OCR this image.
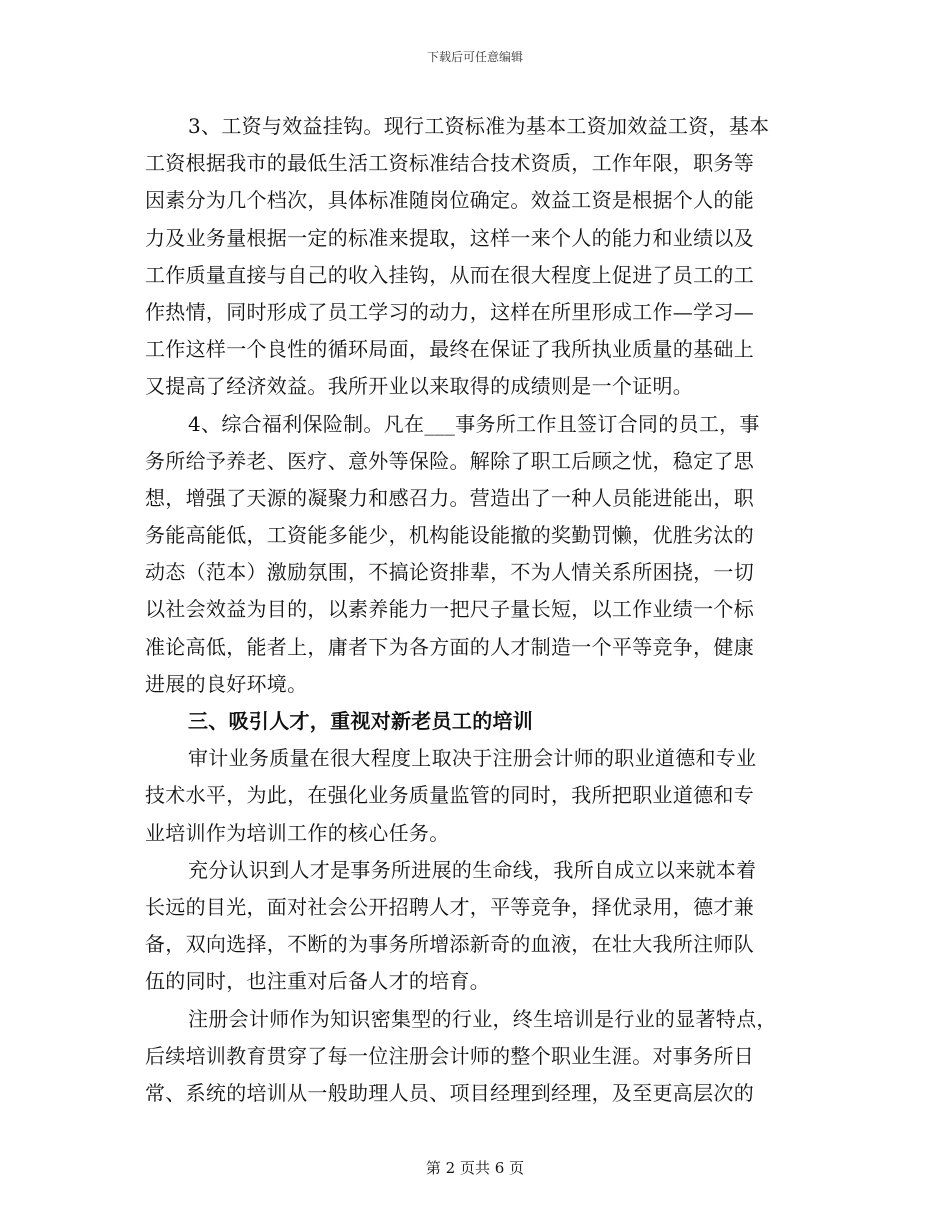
下载后可任意编辑
3、工资与效益挂钩。现行工资标准为基本工资加效益工资，基本
工资根据我市的最低生活工资标准结合技术资质，工作年限，职务等
因素分为几个档次，具体标准随岗位确定。效益工资是根据个人的能
力及业务量根据一定的标准来提取，这样一来个人的能力和业绩以及
工作质量直接与自己的收入挂钩，从而在很大程度上促进了员工的工
作热情，同时形成了员工学习的动力，这样在所里形成工作—学习—
工作这样一个良性的循环局面，最终在保证了我所执业质量的基础上
又提高了经济效益。我所开业以来取得的成绩则是一个证明。
4、综合福利保险制。凡在___事务所工作且签订合同的员工，事
务所给予养老、医疗、意外等保险。解除了职工后顾之忧，稳定了思
想，增强了天源的凝聚力和感召力。营造出了一种人员能进能出，职
务能高能低，工资能多能少，机构能设能撤的奖勤罚懒，优胜劣汰的
动态（范本）激励氛围，不搞论资排辈，不为人情关系所困挠，一切
以社会效益为目的，以素养能力一把尺子量长短，以工作业绩一个标
准论高低，能者上，庸者下为各方面的人才制造一个平等竞争，健康
进展的良好环境。
三、吸引人才，重视对新老员工的培训
审计业务质量在很大程度上取决于注册会计师的职业道德和专业
技术水平，为此，在强化业务质量监管的同时，我所把职业道德和专
业培训作为培训工作的核心任务。
充分认识到人才是事务所进展的生命线，我所自成立以来就本着
长远的目光，面对社会公开招聘人才，平等竞争，择优录用，德才兼
备，双向选择，不断的为事务所增添新奇的血液，在壮大我所注师队
伍的同时，也注重对后备人才的培育。
注册会计师作为知识密集型的行业，终生培训是行业的显著特点，
后续培训教育贯穿了每一位注册会计师的整个职业生涯。对事务所日
常、系统的培训从一般助理人员、项目经理到经理，及至更高层次的
第 2 页共 6 页
